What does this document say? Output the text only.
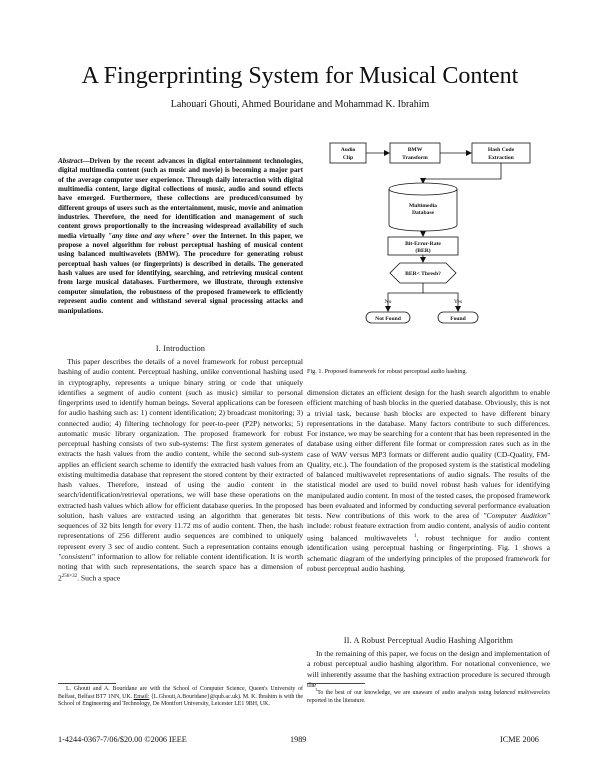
A Fingerprinting System for Musical Content
Lahouari Ghouti, Ahmed Bouridane and Mohammad K. Ibrahim
Abstract—Driven by the recent advances in digital entertainment technologies, digital multimedia content (such as music and movie) is becoming a major part of the average computer user experience. Through daily interaction with digital multimedia content, large digital collections of music, audio and sound effects have emerged. Furthermore, these collections are produced/consumed by different groups of users such as the entertainment, music, movie and animation industries. Therefore, the need for identification and management of such content grows proportionally to the increasing widespread availability of such media virtually "any time and any where" over the Internet. In this paper, we propose a novel algorithm for robust perceptual hashing of musical content using balanced multiwavelets (BMW). The procedure for generating robust perceptual hash values (or fingerprints) is described in details. The generated hash values are used for identifying, searching, and retrieving musical content from large musical databases. Furthermore, we illustrate, through extensive computer simulation, the robustness of the proposed framework to efficiently represent audio content and withstand several signal processing attacks and manipulations.
I. Introduction

This paper describes the details of a novel framework for robust perceptual hashing of audio content. Perceptual hashing, unlike conventional hashing used in cryptography, represents a unique binary string or code that uniquely identifies a segment of audio content (such as music) similar to personal fingerprints used to identify human beings. Several applications can be foreseen for audio hashing such as: 1) content identification; 2) broadcast monitoring; 3) connected audio; 4) filtering technology for peer-to-peer (P2P) networks; 5) automatic music library organization. The proposed framework for robust perceptual hashing consists of two sub-systems: The first system generates of extracts the hash values from the audio content, while the second sub-system applies an efficient search scheme to identify the extracted hash values from an existing multimedia database that represent the stored content by their extracted hash values. Therefore, instead of using the audio content in the search/identification/retrieval operations, we will base these operations on the extracted hash values which allow for efficient database queries. In the proposed solution, hash values are extracted using an algorithm that generates bit sequences of 32 bits length for every 11.72 ms of audio content. Then, the hash representations of 256 different audio sequences are combined to uniquely represent every 3 sec of audio content. Such a representation contains enough "consistent" information to allow for reliable content identification. It is worth noting that with such representations, the search space has a dimension of $2^{256\times 32}$. Such a space

L. Ghouti and A. Bouridane are with the School of Computer Science, Queen's University of Belfast, Belfast BT7 1NN, UK. Email: {L.Ghouti,A.Bouridane}@qub.ac.uk). M. K. Ibrahim is with the School of Engineering and Technology, De Montfort University, Leicester LE1 9BH, UK.

Audio
Clip
BMW
Transform
Hash Code
Extraction
Multimedia
Database
Bit-Error-Rate
(BER)
BER< Thresh?
No	Yes
Not Found	Found
Fig. 1. Proposed framework for robust perceptual audio hashing.

dimension dictates an efficient design for the hash search algorithm to enable efficient matching of hash blocks in the queried database. Obviously, this is not a trivial task, because hash blocks are expected to have different binary representations in the database. Many factors contribute to such differences. For instance, we may be searching for a content that has been represented in the database using either different file format or compression rates such as in the case of WAV versus MP3 formats or different audio quality (CD-Quality, FM-Quality, etc.). The foundation of the proposed system is the statistical modeling of balanced multiwavelet representations of audio signals. The results of the statistical model are used to build novel robust hash values for identifying manipulated audio content. In most of the tested cases, the proposed framework has been evaluated and informed by conducting several performance evaluation tests. New contributions of this work to the area of "Computer Audition" include: robust feature extraction from audio content, analysis of audio content using balanced multiwavelets $^1$, robust technique for audio content identification using perceptual hashing or fingerprinting. Fig. 1 shows a schematic diagram of the underlying principles of the proposed framework for robust perceptual audio hashing.

II. A Robust Perceptual Audio Hashing Algorithm

In the remaining of this paper, we focus on the design and implementation of a robust perceptual audio hashing algorithm. For notational convenience, we will inherently assume that the hashing extraction procedure is secured through the

$^1$To the best of our knowledge, we are unaware of audio analysis using balanced multiwavelets reported in the literature.

1-4244-0367-7/06/$20.00 ©2006 IEEE	1989	ICME 2006
